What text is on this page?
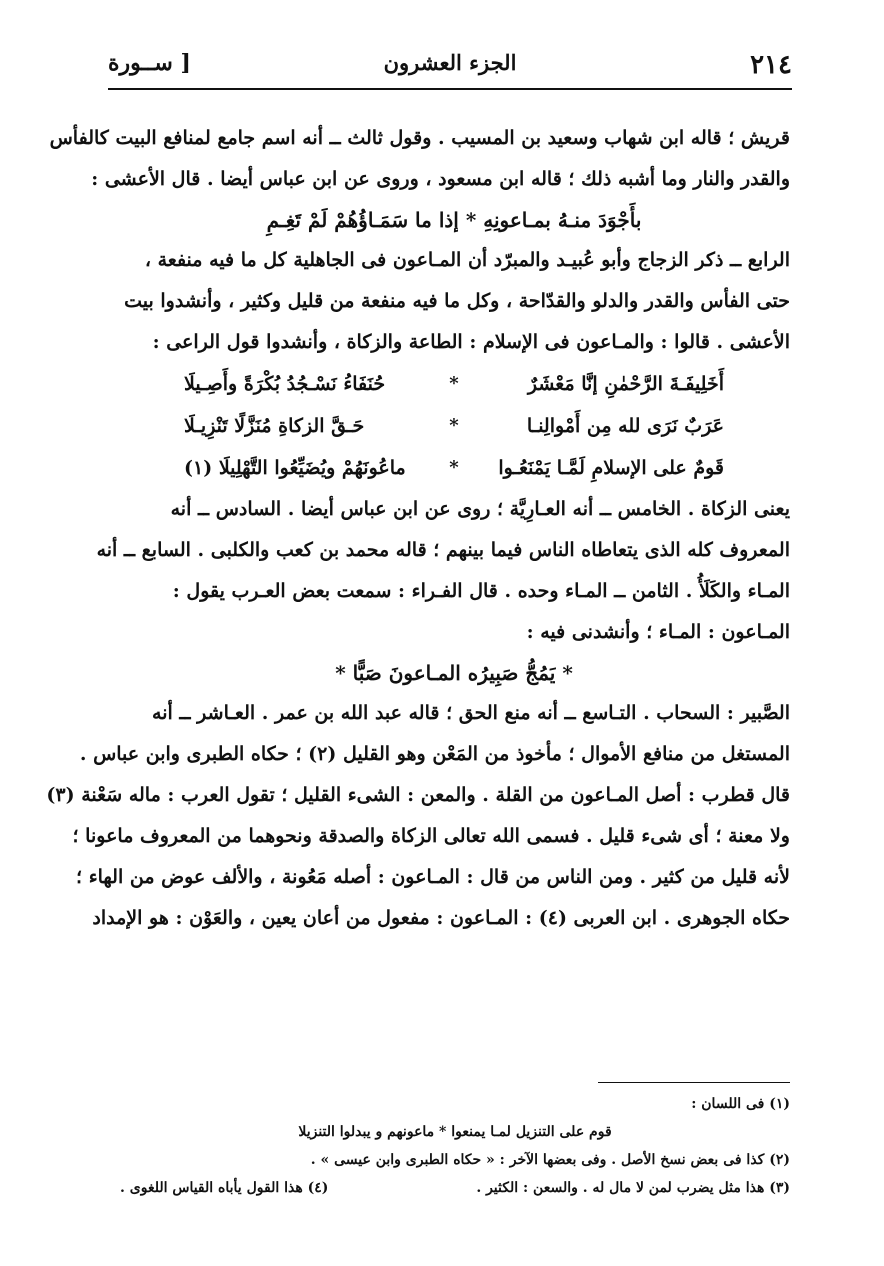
٢١٤
الجزء العشرون
[ ســورة
قريش ؛ قاله ابن شهاب وسعيد بن المسيب . وقول ثالث ــ أنه اسم جامع لمنافع البيت كالفأس
والقدر والنار وما أشبه ذلك ؛ قاله ابن مسعود ، وروى عن ابن عباس أيضا . قال الأعشى :
بأَجْوَدَ منـهُ بمـاعونِهِ * إذا ما سَمَـاؤُهُمْ لَمْ تَغِـمِ
الرابع ــ ذكر الزجاج وأبو عُبيـد والمبرّد أن المـاعون فى الجاهلية كل ما فيه منفعة ،
حتى الفأس والقدر والدلو والقدّاحة ، وكل ما فيه منفعة من قليل وكثير ، وأنشدوا بيت
الأعشى . قالوا : والمـاعون فى الإسلام : الطاعة والزكاة ، وأنشدوا قول الراعى :
أَخَلِيفَـةَ الرَّحْمٰنِ إنَّا مَعْشَرٌ
*
حُنَفَاءُ نَسْـجُدُ بُكْرَةً وأَصِـيلَا
عَرَبٌ نَرَى لله مِن أَمْوالِنـا
*
حَـقَّ الزكاةِ مُنَزَّلًا تَنْزِيـلَا
قَومٌ على الإسلامِ لَمَّـا يَمْنَعُـوا
*
ماعُونَهُمْ ويُضَيِّعُوا التَّهْلِيلَا (١)
يعنى الزكاة . الخامس ــ أنه العـارِيَّة ؛ روى عن ابن عباس أيضا . السادس ــ أنه
المعروف كله الذى يتعاطاه الناس فيما بينهم ؛ قاله محمد بن كعب والكلبى . السابع ــ أنه
المـاء والكَلَأُ . الثامن ــ المـاء وحده . قال الفـراء : سمعت بعض العـرب يقول :
المـاعون : المـاء ؛ وأنشدنى فيه :
* يَمُجُّ صَبِيرُه المـاعونَ صَبًّا *
الصَّبير : السحاب . التـاسع ــ أنه منع الحق ؛ قاله عبد الله بن عمر . العـاشر ــ أنه
المستغل من منافع الأموال ؛ مأخوذ من المَعْن وهو القليل (٢) ؛ حكاه الطبرى وابن عباس .
قال قطرب : أصل المـاعون من القلة . والمعن : الشىء القليل ؛ تقول العرب : ماله سَعْنة (٣)
ولا معنة ؛ أى شىء قليل . فسمى الله تعالى الزكاة والصدقة ونحوهما من المعروف ماعونا ؛
لأنه قليل من كثير . ومن الناس من قال : المـاعون : أصله مَعُونة ، والألف عوض من الهاء ؛
حكاه الجوهرى . ابن العربى (٤) : المـاعون : مفعول من أعان يعين ، والعَوْن : هو الإمداد
(١) فى اللسان :
قوم على التنزيل لمـا يمنعوا * ماعونهم و يبدلوا التنزيلا
(٢) كذا فى بعض نسخ الأصل . وفى بعضها الآخر : « حكاه الطبرى وابن عيسى » .
(٣) هذا مثل يضرب لمن لا مال له . والسعن : الكثير .
(٤) هذا القول يأباه القياس اللغوى .
